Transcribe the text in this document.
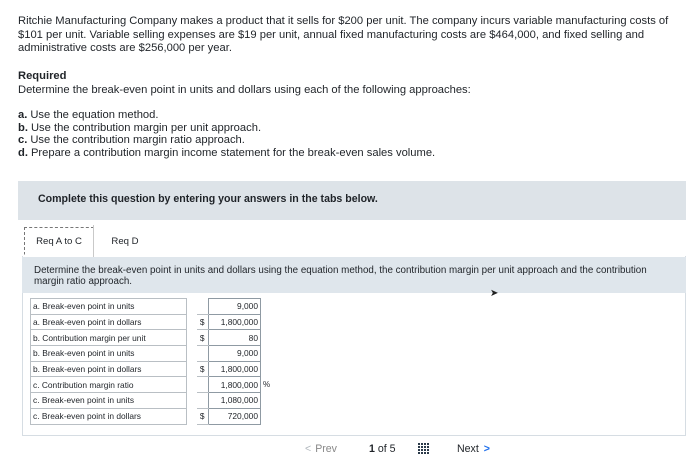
Ritchie Manufacturing Company makes a product that it sells for $200 per unit. The company incurs variable manufacturing costs of $101 per unit. Variable selling expenses are $19 per unit, annual fixed manufacturing costs are $464,000, and fixed selling and administrative costs are $256,000 per year.
Required
Determine the break-even point in units and dollars using each of the following approaches:
a. Use the equation method.
b. Use the contribution margin per unit approach.
c. Use the contribution margin ratio approach.
d. Prepare a contribution margin income statement for the break-even sales volume.
Complete this question by entering your answers in the tabs below.
Req A to C	Req D

Determine the break-even point in units and dollars using the equation method, the contribution margin per unit approach and the contribution margin ratio approach.

➤
a. Break-even point in units			9,000	
a. Break-even point in dollars		$	1,800,000	
b. Contribution margin per unit		$	80	
b. Break-even point in units			9,000	
b. Break-even point in dollars		$	1,800,000	
c. Contribution margin ratio			1,800,000	%
c. Break-even point in units			1,080,000	
c. Break-even point in dollars		$	720,000	
< Prev	1 of 5	Next >
